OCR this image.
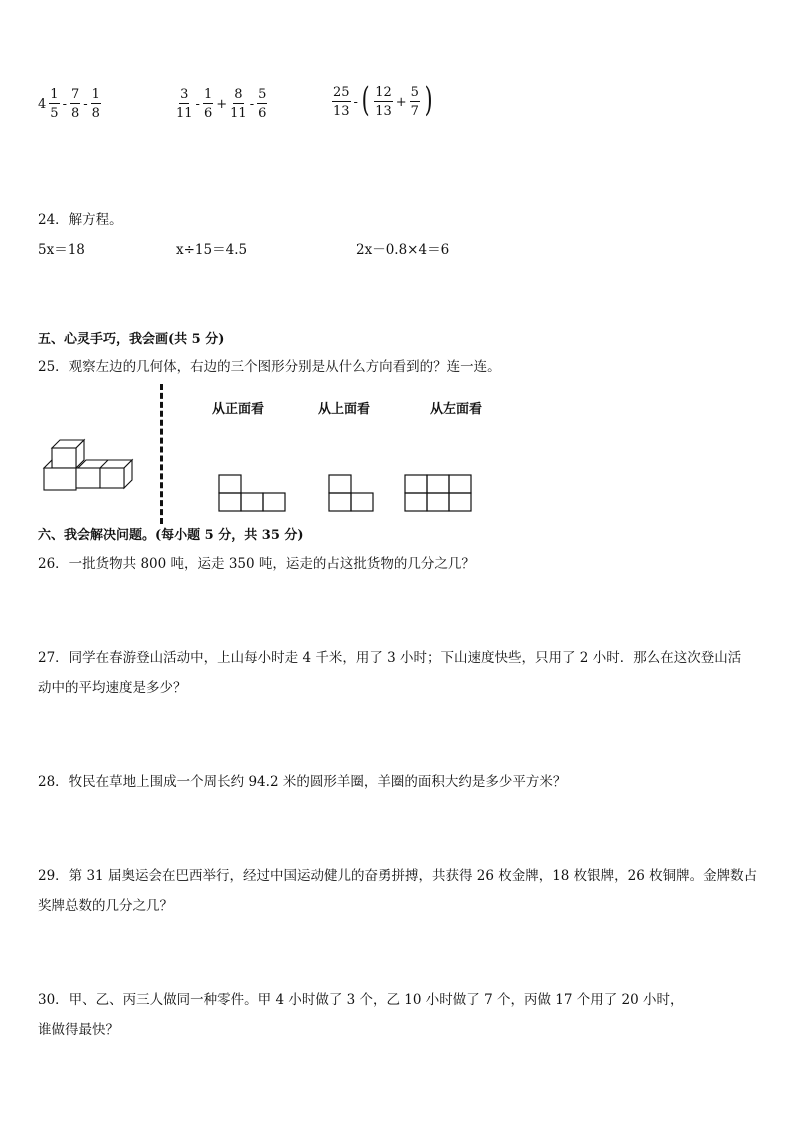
$4 \frac{1}{5} - \frac{7}{8} - \frac{1}{8}$	$\frac{3}{11} - \frac{1}{6} + \frac{8}{11} - \frac{5}{6}$	$\frac{25}{13}$ - ( $\frac{12}{13} + \frac{5}{7}$ )
24．解方程。
5x＝18	x÷15＝4.5	2x－0.8×4＝6
五、心灵手巧，我会画(共 5 分)
25．观察左边的几何体，右边的三个图形分别是从什么方向看到的？连一连。
从正面看	从上面看	从左面看
六、我会解决问题。(每小题 5 分，共 35 分)
26．一批货物共 800 吨，运走 350 吨，运走的占这批货物的几分之几？
27．同学在春游登山活动中，上山每小时走 4 千米，用了 3 小时；下山速度快些，只用了 2 小时．那么在这次登山活
动中的平均速度是多少？
28．牧民在草地上围成一个周长约 94.2 米的圆形羊圈，羊圈的面积大约是多少平方米？
29．第 31 届奥运会在巴西举行，经过中国运动健儿的奋勇拼搏，共获得 26 枚金牌，18 枚银牌，26 枚铜牌。金牌数占
奖牌总数的几分之几？
30．甲、乙、丙三人做同一种零件。甲 4 小时做了 3 个，乙 10 小时做了 7 个，丙做 17 个用了 20 小时，
谁做得最快？
